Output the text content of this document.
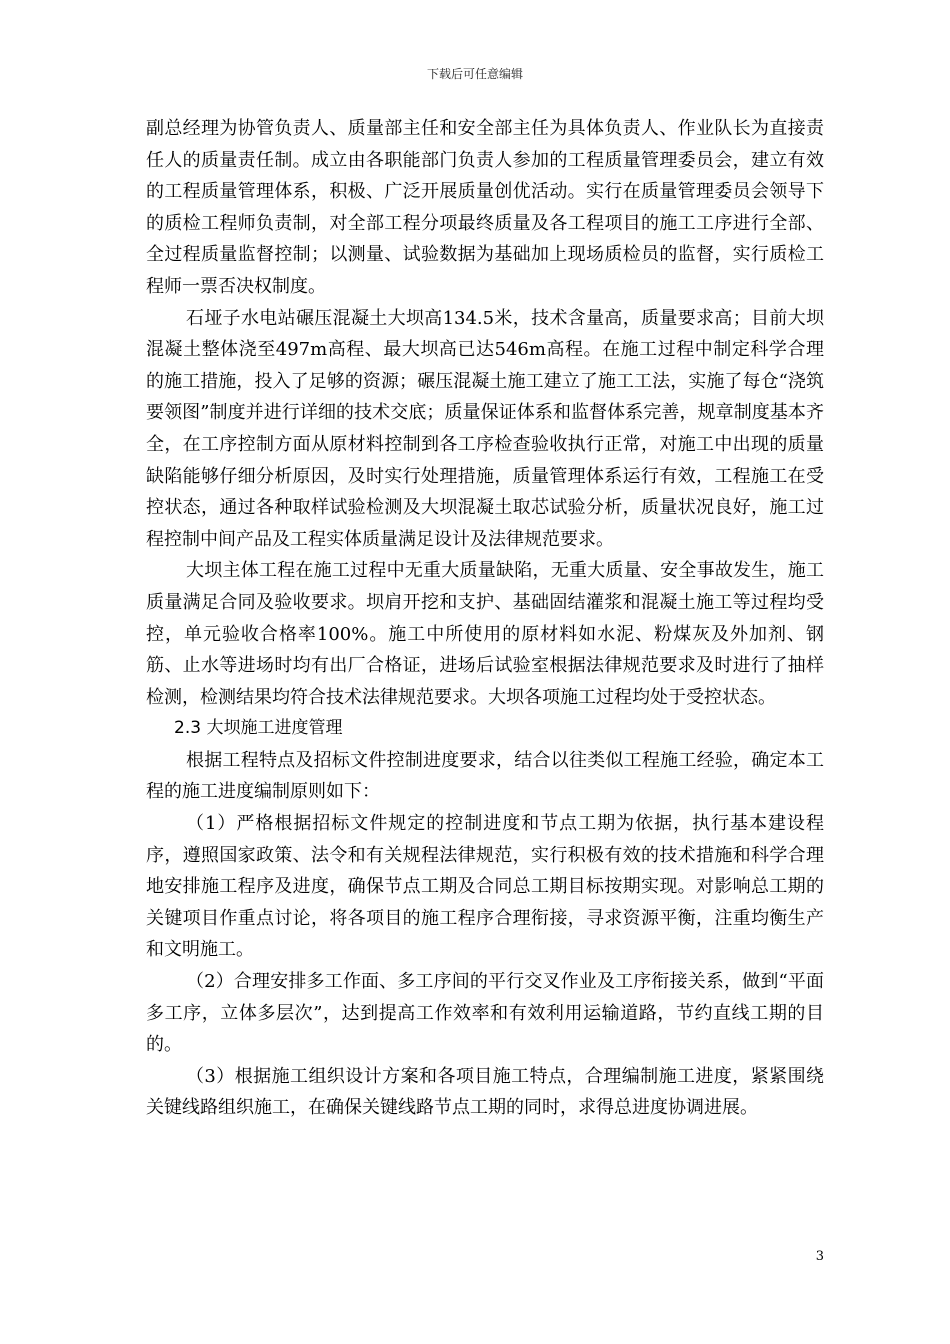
下载后可任意编辑

副总经理为协管负责人、质量部主任和安全部主任为具体负责人、作业队长为直接责任人的质量责任制。成立由各职能部门负责人参加的工程质量管理委员会，建立有效的工程质量管理体系，积极、广泛开展质量创优活动。实行在质量管理委员会领导下的质检工程师负责制，对全部工程分项最终质量及各工程项目的施工工序进行全部、全过程质量监督控制；以测量、试验数据为基础加上现场质检员的监督，实行质检工程师一票否决权制度。

石垭子水电站碾压混凝土大坝高134.5米，技术含量高，质量要求高；目前大坝混凝土整体浇至497m高程、最大坝高已达546m高程。在施工过程中制定科学合理的施工措施，投入了足够的资源；碾压混凝土施工建立了施工工法，实施了每仓“浇筑要领图”制度并进行详细的技术交底；质量保证体系和监督体系完善，规章制度基本齐全，在工序控制方面从原材料控制到各工序检查验收执行正常，对施工中出现的质量缺陷能够仔细分析原因，及时实行处理措施，质量管理体系运行有效，工程施工在受控状态，通过各种取样试验检测及大坝混凝土取芯试验分析，质量状况良好，施工过程控制中间产品及工程实体质量满足设计及法律规范要求。

大坝主体工程在施工过程中无重大质量缺陷，无重大质量、安全事故发生，施工质量满足合同及验收要求。坝肩开挖和支护、基础固结灌浆和混凝土施工等过程均受控，单元验收合格率100%。施工中所使用的原材料如水泥、粉煤灰及外加剂、钢筋、止水等进场时均有出厂合格证，进场后试验室根据法律规范要求及时进行了抽样检测，检测结果均符合技术法律规范要求。大坝各项施工过程均处于受控状态。

2.3 大坝施工进度管理

根据工程特点及招标文件控制进度要求，结合以往类似工程施工经验，确定本工程的施工进度编制原则如下：

（1）严格根据招标文件规定的控制进度和节点工期为依据，执行基本建设程序，遵照国家政策、法令和有关规程法律规范，实行积极有效的技术措施和科学合理地安排施工程序及进度，确保节点工期及合同总工期目标按期实现。对影响总工期的关键项目作重点讨论，将各项目的施工程序合理衔接，寻求资源平衡，注重均衡生产和文明施工。

（2）合理安排多工作面、多工序间的平行交叉作业及工序衔接关系，做到“平面多工序，立体多层次”，达到提高工作效率和有效利用运输道路，节约直线工期的目的。

（3）根据施工组织设计方案和各项目施工特点，合理编制施工进度，紧紧围绕关键线路组织施工，在确保关键线路节点工期的同时，求得总进度协调进展。

3
